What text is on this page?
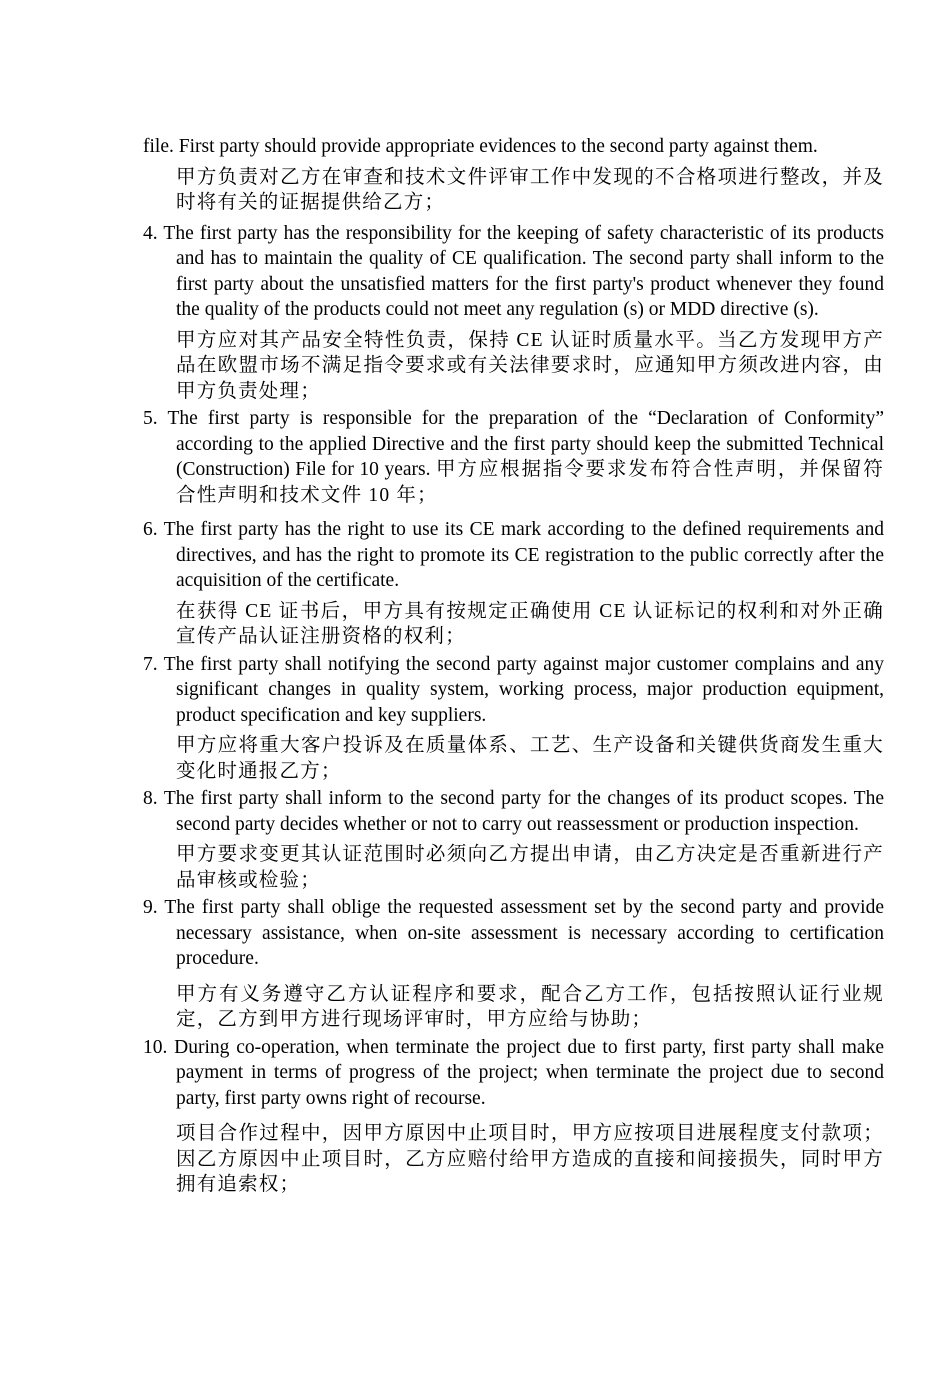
file. First party should provide appropriate evidences to the second party against them.
甲方负责对乙方在审查和技术文件评审工作中发现的不合格项进行整改，并及时将有关的证据提供给乙方；
4. The first party has the responsibility for the keeping of safety characteristic of its products and has to maintain the quality of CE qualification. The second party shall inform to the first party about the unsatisfied matters for the first party's product whenever they found the quality of the products could not meet any regulation (s) or MDD directive (s).
甲方应对其产品安全特性负责，保持 CE 认证时质量水平。当乙方发现甲方产品在欧盟市场不满足指令要求或有关法律要求时，应通知甲方须改进内容，由甲方负责处理；
5. The first party is responsible for the preparation of the “Declaration of Conformity” according to the applied Directive and the first party should keep the submitted Technical (Construction) File for 10 years. 甲方应根据指令要求发布符合性声明，并保留符合性声明和技术文件 10 年；
6. The first party has the right to use its CE mark according to the defined requirements and directives, and has the right to promote its CE registration to the public correctly after the acquisition of the certificate.
在获得 CE 证书后，甲方具有按规定正确使用 CE 认证标记的权利和对外正确宣传产品认证注册资格的权利；
7. The first party shall notifying the second party against major customer complains and any significant changes in quality system, working process, major production equipment, product specification and key suppliers.
甲方应将重大客户投诉及在质量体系、工艺、生产设备和关键供货商发生重大变化时通报乙方；
8. The first party shall inform to the second party for the changes of its product scopes. The second party decides whether or not to carry out reassessment or production inspection.
甲方要求变更其认证范围时必须向乙方提出申请，由乙方决定是否重新进行产品审核或检验；
9. The first party shall oblige the requested assessment set by the second party and provide necessary assistance, when on-site assessment is necessary according to certification procedure.
甲方有义务遵守乙方认证程序和要求，配合乙方工作，包括按照认证行业规定，乙方到甲方进行现场评审时，甲方应给与协助；
10. During co-operation, when terminate the project due to first party, first party shall make payment in terms of progress of the project; when terminate the project due to second party, first party owns right of recourse.
项目合作过程中，因甲方原因中止项目时，甲方应按项目进展程度支付款项；因乙方原因中止项目时，乙方应赔付给甲方造成的直接和间接损失，同时甲方拥有追索权；
